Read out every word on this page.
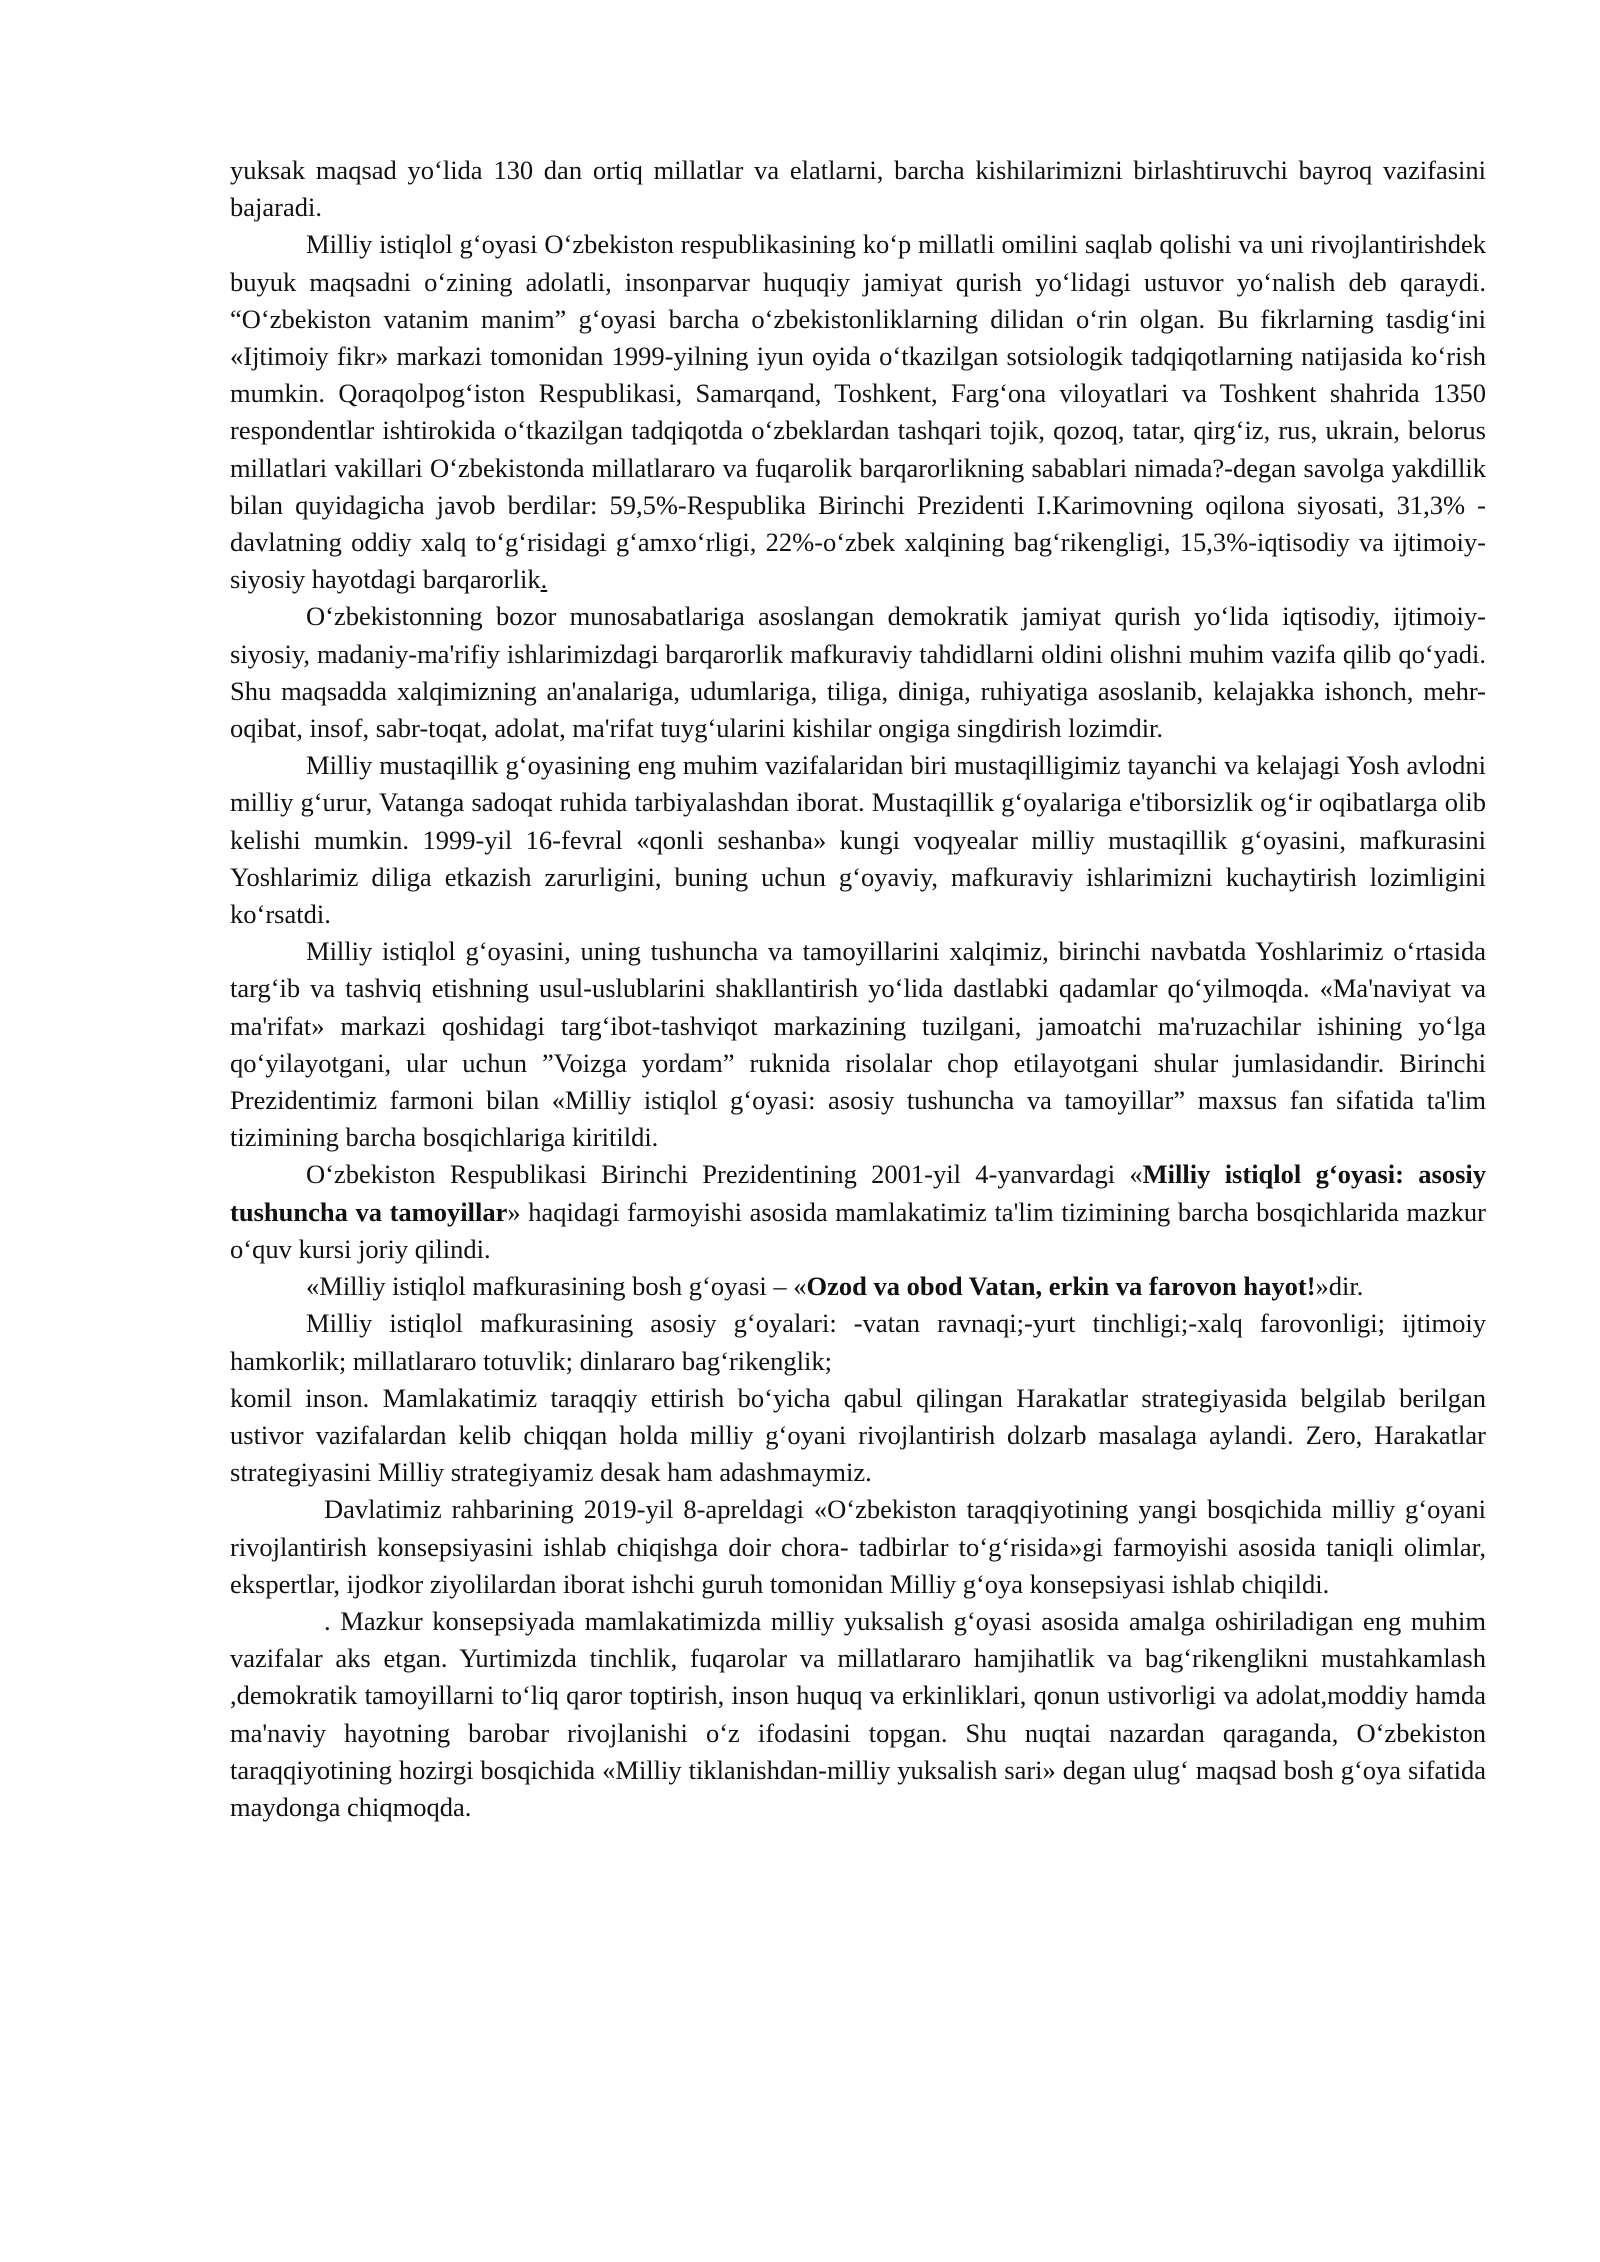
yuksak maqsad yo‘lida 130 dan ortiq millatlar va elatlarni, barcha kishilarimizni birlashtiruvchi bayroq vazifasini bajaradi.

Milliy istiqlol g‘oyasi O‘zbekiston respublikasining ko‘p millatli omilini saqlab qolishi va uni rivojlantirishdek buyuk maqsadni o‘zining adolatli, insonparvar huquqiy jamiyat qurish yo‘lidagi ustuvor yo‘nalish deb qaraydi. “O‘zbekiston vatanim manim” g‘oyasi barcha o‘zbekistonliklarning dilidan o‘rin olgan. Bu fikrlarning tasdig‘ini «Ijtimoiy fikr» markazi tomonidan 1999-yilning iyun oyida o‘tkazilgan sotsiologik tadqiqotlarning natijasida ko‘rish mumkin. Qoraqolpog‘iston Respublikasi, Samarqand, Toshkent, Farg‘ona viloyatlari va Toshkent shahrida 1350 respondentlar ishtirokida o‘tkazilgan tadqiqotda o‘zbeklardan tashqari tojik, qozoq, tatar, qirg‘iz, rus, ukrain, belorus millatlari vakillari O‘zbekistonda millatlararo va fuqarolik barqarorlikning sabablari nimada?-degan savolga yakdillik bilan quyidagicha javob berdilar: 59,5%-Respublika Birinchi Prezidenti I.Karimovning oqilona siyosati, 31,3% - davlatning oddiy xalq to‘g‘risidagi g‘amxo‘rligi, 22%-o‘zbek xalqining bag‘rikengligi, 15,3%-iqtisodiy va ijtimoiy-siyosiy hayotdagi barqarorlik.

O‘zbekistonning bozor munosabatlariga asoslangan demokratik jamiyat qurish yo‘lida iqtisodiy, ijtimoiy-siyosiy, madaniy-ma'rifiy ishlarimizdagi barqarorlik mafkuraviy tahdidlarni oldini olishni muhim vazifa qilib qo‘yadi. Shu maqsadda xalqimizning an'analariga, udumlariga, tiliga, diniga, ruhiyatiga asoslanib, kelajakka ishonch, mehr-oqibat, insof, sabr-toqat, adolat, ma'rifat tuyg‘ularini kishilar ongiga singdirish lozimdir.

Milliy mustaqillik g‘oyasining eng muhim vazifalaridan biri mustaqilligimiz tayanchi va kelajagi Yosh avlodni milliy g‘urur, Vatanga sadoqat ruhida tarbiyalashdan iborat. Mustaqillik g‘oyalariga e'tiborsizlik og‘ir oqibatlarga olib kelishi mumkin. 1999-yil 16-fevral «qonli seshanba» kungi voqyealar milliy mustaqillik g‘oyasini, mafkurasini Yoshlarimiz diliga etkazish zarurligini, buning uchun g‘oyaviy, mafkuraviy ishlarimizni kuchaytirish lozimligini ko‘rsatdi.

Milliy istiqlol g‘oyasini, uning tushuncha va tamoyillarini xalqimiz, birinchi navbatda Yoshlarimiz o‘rtasida targ‘ib va tashviq etishning usul-uslublarini shakllantirish yo‘lida dastlabki qadamlar qo‘yilmoqda. «Ma'naviyat va ma'rifat» markazi qoshidagi targ‘ibot-tashviqot markazining tuzilgani, jamoatchi ma'ruzachilar ishining yo‘lga qo‘yilayotgani, ular uchun ”Voizga yordam” ruknida risolalar chop etilayotgani shular jumlasidandir. Birinchi Prezidentimiz farmoni bilan «Milliy istiqlol g‘oyasi: asosiy tushuncha va tamoyillar” maxsus fan sifatida ta'lim tizimining barcha bosqichlariga kiritildi.

O‘zbekiston Respublikasi Birinchi Prezidentining 2001-yil 4-yanvardagi «Milliy istiqlol g‘oyasi: asosiy tushuncha va tamoyillar» haqidagi farmoyishi asosida mamlakatimiz ta'lim tizimining barcha bosqichlarida mazkur o‘quv kursi joriy qilindi.

«Milliy istiqlol mafkurasining bosh g‘oyasi – «Ozod va obod Vatan, erkin va farovon hayot!»dir.

Milliy istiqlol mafkurasining asosiy g‘oyalari: -vatan ravnaqi;-yurt tinchligi;-xalq farovonligi; ijtimoiy hamkorlik; millatlararo totuvlik; dinlararo bag‘rikenglik;

komil inson. Mamlakatimiz taraqqiy ettirish bo‘yicha qabul qilingan Harakatlar strategiyasida belgilab berilgan ustivor vazifalardan kelib chiqqan holda milliy g‘oyani rivojlantirish dolzarb masalaga aylandi. Zero, Harakatlar strategiyasini Milliy strategiyamiz desak ham adashmaymiz.

Davlatimiz rahbarining 2019-yil 8-apreldagi «O‘zbekiston taraqqiyotining yangi bosqichida milliy g‘oyani rivojlantirish konsepsiyasini ishlab chiqishga doir chora- tadbirlar to‘g‘risida»gi farmoyishi asosida taniqli olimlar, ekspertlar, ijodkor ziyolilardan iborat ishchi guruh tomonidan Milliy g‘oya konsepsiyasi ishlab chiqildi.

. Mazkur konsepsiyada mamlakatimizda milliy yuksalish g‘oyasi asosida amalga oshiriladigan eng muhim vazifalar aks etgan. Yurtimizda tinchlik, fuqarolar va millatlararo hamjihatlik va bag‘rikenglikni mustahkamlash ,demokratik tamoyillarni to‘liq qaror toptirish, inson huquq va erkinliklari, qonun ustivorligi va adolat,moddiy hamda ma'naviy hayotning barobar rivojlanishi o‘z ifodasini topgan. Shu nuqtai nazardan qaraganda, O‘zbekiston taraqqiyotining hozirgi bosqichida «Milliy tiklanishdan-milliy yuksalish sari» degan ulug‘ maqsad bosh g‘oya sifatida maydonga chiqmoqda.
